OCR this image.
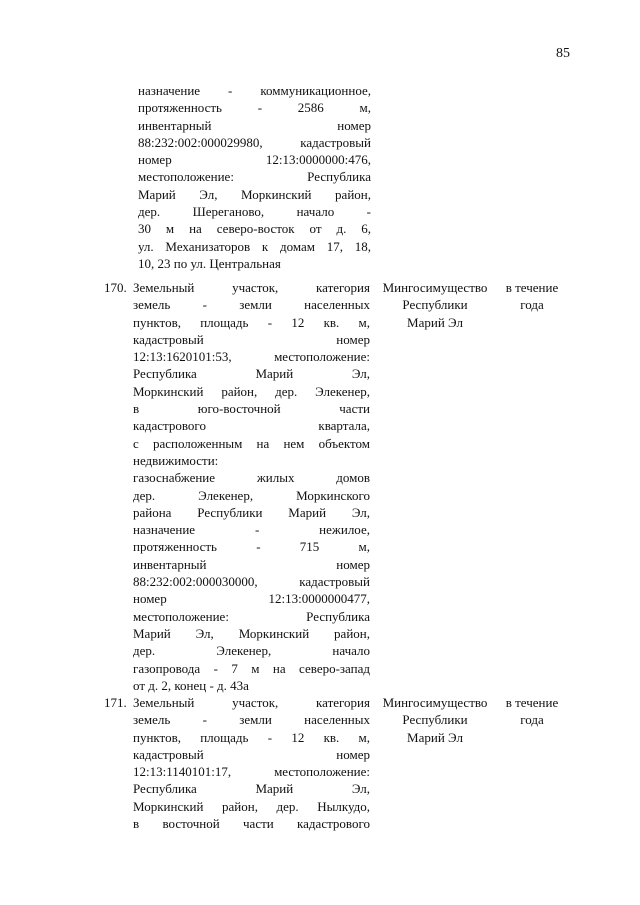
85
назначение - коммуникационное,
протяженность - 2586 м,
инвентарный номер
88:232:002:000029980, кадастровый
номер 12:13:0000000:476,
местоположение: Республика
Марий Эл, Моркинский район,
дер. Шереганово, начало -
30 м на северо-восток от д. 6,
ул. Механизаторов к домам 17, 18,
10, 23 по ул. Центральная
170. Земельный участок, категория
земель - земли населенных
пунктов, площадь - 12 кв. м,
кадастровый номер
12:13:1620101:53, местоположение:
Республика Марий Эл,
Моркинский район, дер. Элекенер,
в юго-восточной части
кадастрового квартала,
с расположенным на нем объектом
недвижимости:
газоснабжение жилых домов
дер. Элекенер, Моркинского
района Республики Марий Эл,
назначение - нежилое,
протяженность - 715 м,
инвентарный номер
88:232:002:000030000, кадастровый
номер 12:13:0000000477,
местоположение: Республика
Марий Эл, Моркинский район,
дер. Элекенер, начало
газопровода - 7 м на северо-запад
от д. 2, конец - д. 43а
Мингосимущество
Республики
Марий Эл
в течение
года
171. Земельный участок, категория
земель - земли населенных
пунктов, площадь - 12 кв. м,
кадастровый номер
12:13:1140101:17, местоположение:
Республика Марий Эл,
Моркинский район, дер. Нылкудо,
в восточной части кадастрового
Мингосимущество
Республики
Марий Эл
в течение
года
